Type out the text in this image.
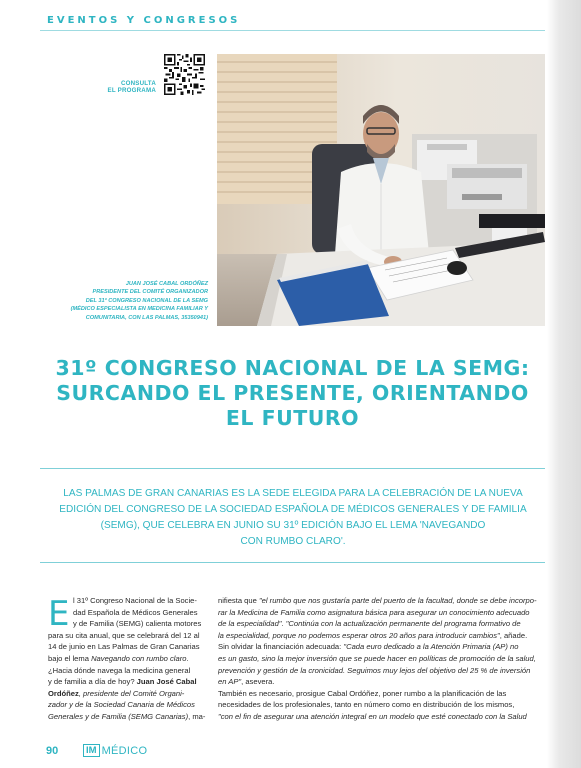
EVENTOS Y CONGRESOS
CONSULTA
EL PROGRAMA
JUAN JOSÉ CABAL ORDÓÑEZ
PRESIDENTE DEL COMITÉ ORGANIZADOR
DEL 31º CONGRESO NACIONAL DE LA SEMG
(MÉDICO ESPECIALISTA EN MEDICINA FAMILIAR Y
COMUNITARIA, CON LAS PALMAS, 35350941)
31º CONGRESO NACIONAL DE LA SEMG:
SURCANDO EL PRESENTE, ORIENTANDO
EL FUTURO

LAS PALMAS DE GRAN CANARIAS ES LA SEDE ELEGIDA PARA LA CELEBRACIÓN DE LA NUEVA
EDICIÓN DEL CONGRESO DE LA SOCIEDAD ESPAÑOLA DE MÉDICOS GENERALES Y DE FAMILIA
(SEMG), QUE CELEBRA EN JUNIO SU 31º EDICIÓN BAJO EL LEMA 'NAVEGANDO
CON RUMBO CLARO'.

E l 31º Congreso Nacional de la Socie-
dad Española de Médicos Generales
y de Familia (SEMG) calienta motores
para su cita anual, que se celebrará del 12 al
14 de junio en Las Palmas de Gran Canarias
bajo el lema Navegando con rumbo claro.
¿Hacia dónde navega la medicina general
y de familia a día de hoy? Juan José Cabal
Ordóñez, presidente del Comité Organi-
zador y de la Sociedad Canaria de Médicos
Generales y de Familia (SEMG Canarias), ma-

nifiesta que "el rumbo que nos gustaría parte del puerto de la facultad, donde se debe incorpo-
rar la Medicina de Familia como asignatura básica para asegurar un conocimiento adecuado
de la especialidad". "Continúa con la actualización permanente del programa formativo de
la especialidad, porque no podemos esperar otros 20 años para introducir cambios", añade.
Sin olvidar la financiación adecuada: "Cada euro dedicado a la Atención Primaria (AP) no
es un gasto, sino la mejor inversión que se puede hacer en políticas de promoción de la salud,
prevención y gestión de la cronicidad. Seguimos muy lejos del objetivo del 25 % de inversión
en AP", asevera.
También es necesario, prosigue Cabal Ordóñez, poner rumbo a la planificación de las
necesidades de los profesionales, tanto en número como en distribución de los mismos,
"con el fin de asegurar una atención integral en un modelo que esté conectado con la Salud

90	IM MÉDICO
